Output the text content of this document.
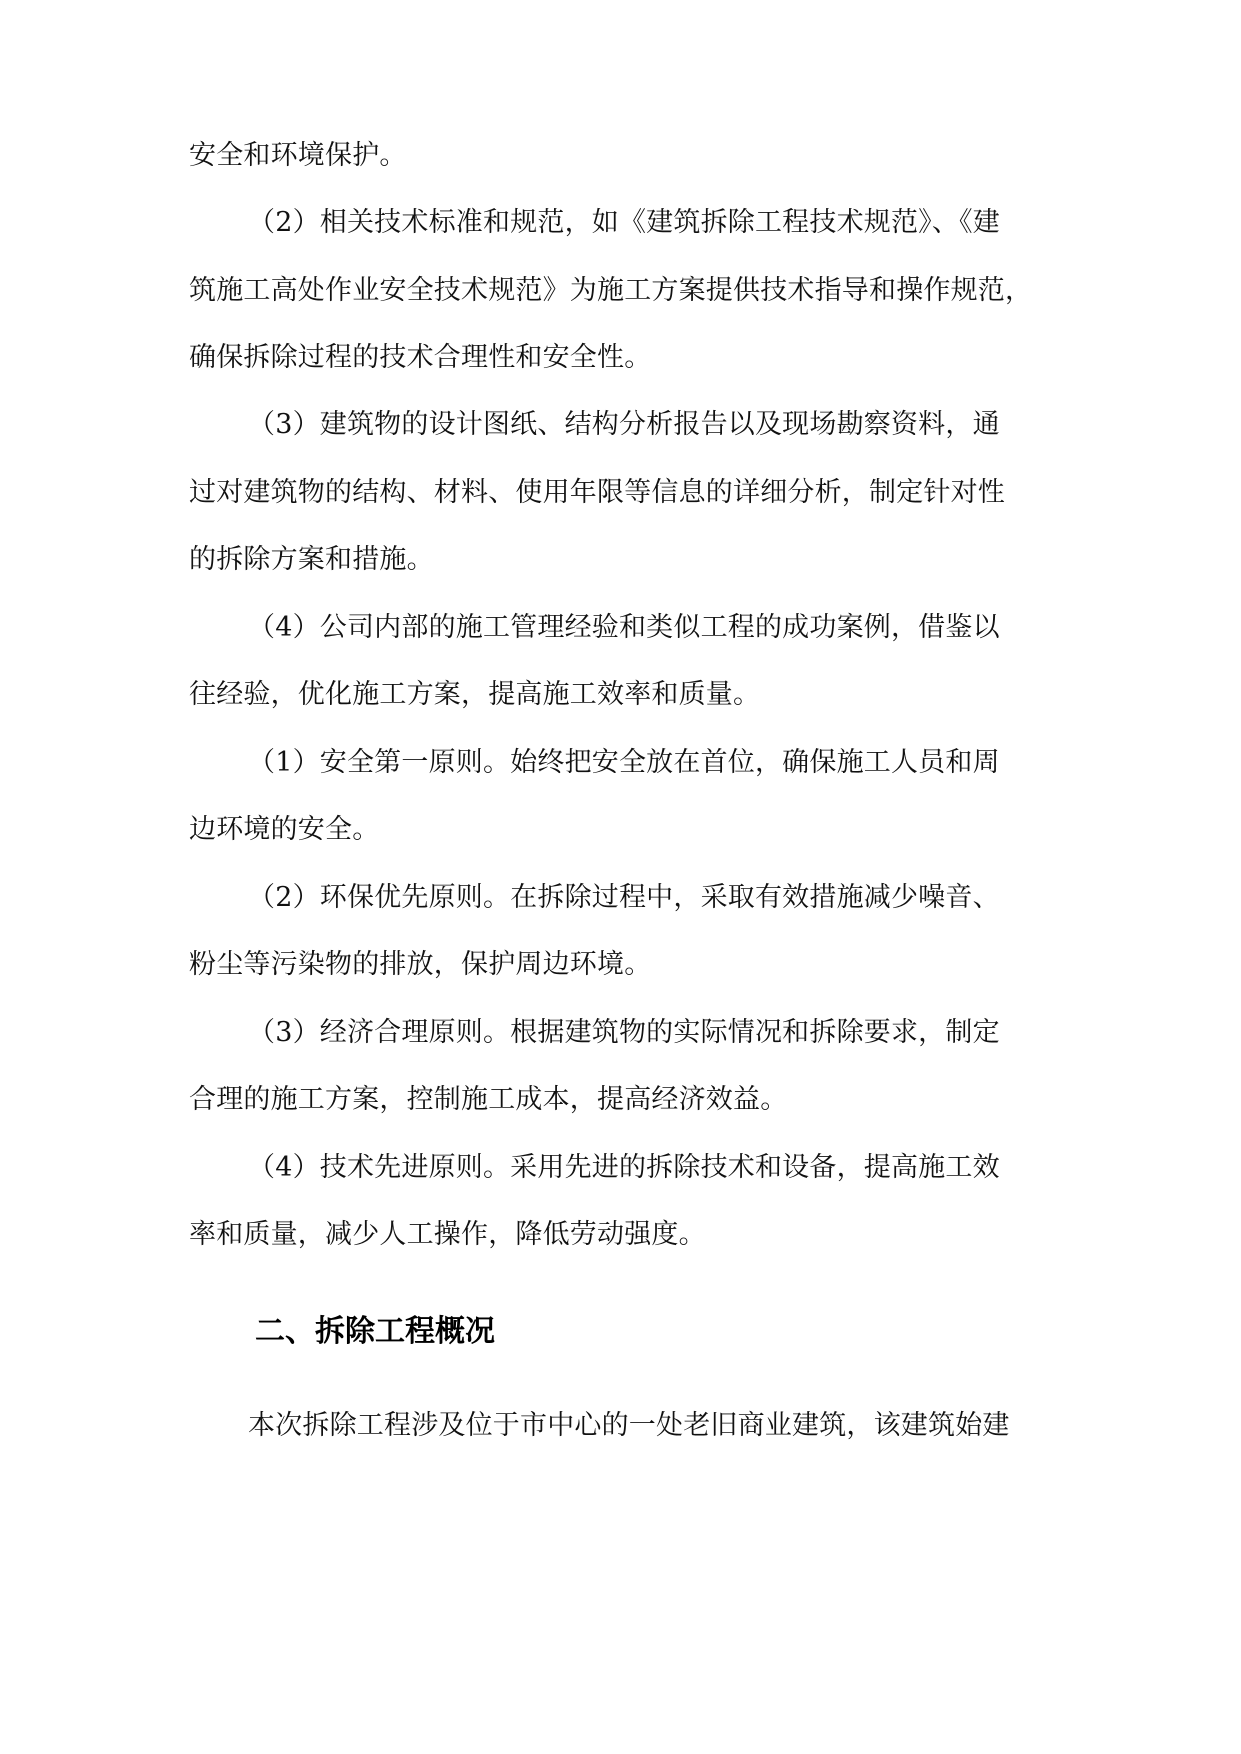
安全和环境保护。
（2）相关技术标准和规范，如《建筑拆除工程技术规范》、《建
筑施工高处作业安全技术规范》为施工方案提供技术指导和操作规范，
确保拆除过程的技术合理性和安全性。
（3）建筑物的设计图纸、结构分析报告以及现场勘察资料，通
过对建筑物的结构、材料、使用年限等信息的详细分析，制定针对性
的拆除方案和措施。
（4）公司内部的施工管理经验和类似工程的成功案例，借鉴以
往经验，优化施工方案，提高施工效率和质量。
（1）安全第一原则。始终把安全放在首位，确保施工人员和周
边环境的安全。
（2）环保优先原则。在拆除过程中，采取有效措施减少噪音、
粉尘等污染物的排放，保护周边环境。
（3）经济合理原则。根据建筑物的实际情况和拆除要求，制定
合理的施工方案，控制施工成本，提高经济效益。
（4）技术先进原则。采用先进的拆除技术和设备，提高施工效
率和质量，减少人工操作，降低劳动强度。
二、拆除工程概况
本次拆除工程涉及位于市中心的一处老旧商业建筑，该建筑始建
